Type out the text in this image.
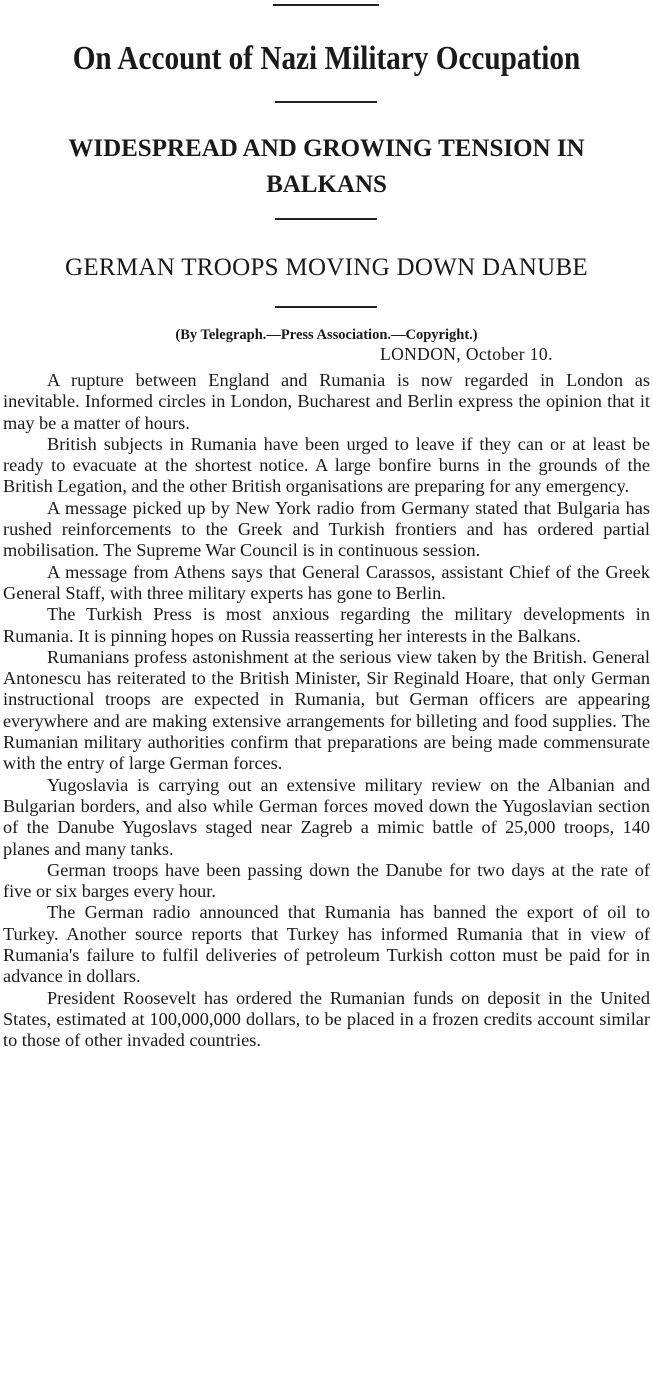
On Account of Nazi Military Occupation
WIDESPREAD AND GROWING TENSION IN BALKANS
GERMAN TROOPS MOVING DOWN DANUBE
(By Telegraph.—Press Association.—Copyright.)
LONDON, October 10.

A rupture between England and Rumania is now regarded in London as inevitable. Informed circles in London, Bucharest and Berlin express the opinion that it may be a matter of hours.

British subjects in Rumania have been urged to leave if they can or at least be ready to evacuate at the shortest notice. A large bonfire burns in the grounds of the British Legation, and the other British organisations are preparing for any emergency.

A message picked up by New York radio from Germany stated that Bulgaria has rushed reinforcements to the Greek and Turkish frontiers and has ordered partial mobilisation. The Supreme War Council is in continuous session.

A message from Athens says that General Carassos, assistant Chief of the Greek General Staff, with three military experts has gone to Berlin.

The Turkish Press is most anxious regarding the military developments in Rumania. It is pinning hopes on Russia reasserting her interests in the Balkans.

Rumanians profess astonishment at the serious view taken by the British. General Antonescu has reiterated to the British Minister, Sir Reginald Hoare, that only German instructional troops are expected in Rumania, but German officers are appearing everywhere and are making extensive arrangements for billeting and food supplies. The Rumanian military authorities confirm that preparations are being made commensurate with the entry of large German forces.

Yugoslavia is carrying out an extensive military review on the Albanian and Bulgarian borders, and also while German forces moved down the Yugoslavian section of the Danube Yugoslavs staged near Zagreb a mimic battle of 25,000 troops, 140 planes and many tanks.

German troops have been passing down the Danube for two days at the rate of five or six barges every hour.

The German radio announced that Rumania has banned the export of oil to Turkey. Another source reports that Turkey has informed Rumania that in view of Rumania's failure to fulfil deliveries of petroleum Turkish cotton must be paid for in advance in dollars.

President Roosevelt has ordered the Rumanian funds on deposit in the United States, estimated at 100,000,000 dollars, to be placed in a frozen credits account similar to those of other invaded countries.
